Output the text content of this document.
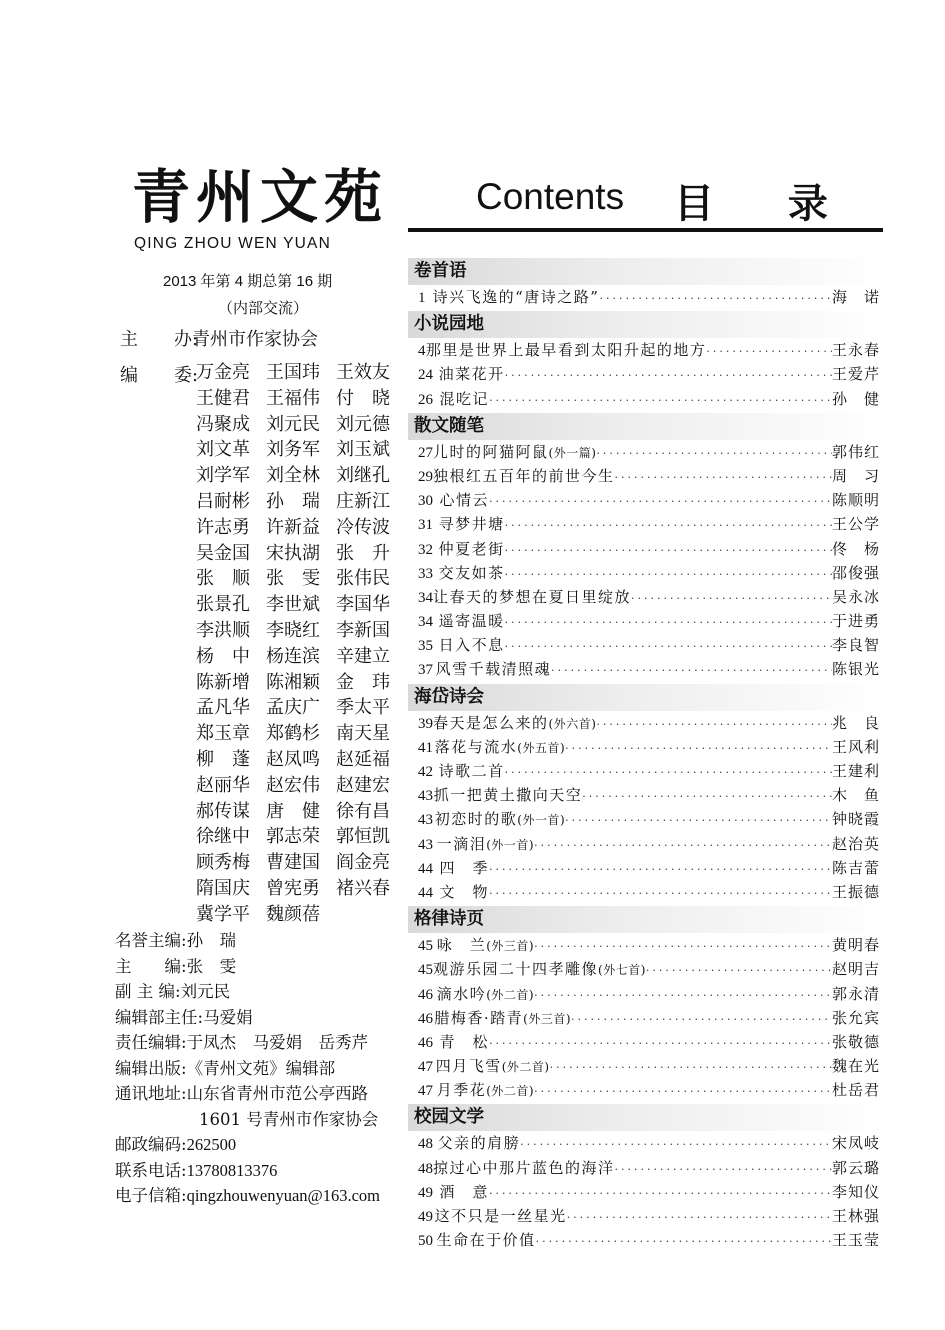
青州文苑
QING ZHOU WEN YUAN
2013 年第 4 期总第 16 期
（内部交流）
主　　办:青州市作家协会
编　　委:
万金亮 王国玮 王效友
王健君 王福伟 付　晓
冯聚成 刘元民 刘元德
刘文革 刘务军 刘玉斌
刘学军 刘全林 刘继孔
吕耐彬 孙　瑞 庄新江
许志勇 许新益 冷传波
吴金国 宋执湖 张　升
张　顺 张　雯 张伟民
张景孔 李世斌 李国华
李洪顺 李晓红 李新国
杨　中 杨连滨 辛建立
陈新增 陈湘颖 金　玮
孟凡华 孟庆广 季太平
郑玉章 郑鹤杉 南天星
柳　蓬 赵凤鸣 赵延福
赵丽华 赵宏伟 赵建宏
郝传谋 唐　健 徐有昌
徐继中 郭志荣 郭恒凯
顾秀梅 曹建国 阎金亮
隋国庆 曾宪勇 褚兴春
冀学平 魏颜蓓
名誉主编:孙　瑞
主　　编:张　雯
副 主 编:刘元民
编辑部主任:马爱娟
责任编辑:于凤杰　马爱娟　岳秀芹
编辑出版:《青州文苑》编辑部
通讯地址:山东省青州市范公亭西路
1601 号青州市作家协会
邮政编码:262500
联系电话:13780813376
电子信箱:qingzhouwenyuan@163.com
Contents 目 录
卷首语
1 诗兴飞逸的“唐诗之路” ·····	海　诺
小说园地
4 那里是世界上最早看到太阳升起的地方 ·····	王永春
24 油菜花开 ·····	王爱芹
26 混吃记 ·····	孙　健
散文随笔
27 儿时的阿猫阿鼠 (外一篇) ·····	郭伟红
29 独根红五百年的前世今生 ·····	周　习
30 心情云 ·····	陈顺明
31 寻梦井塘 ·····	王公学
32 仲夏老街 ·····	佟　杨
33 交友如茶 ·····	邵俊强
34 让春天的梦想在夏日里绽放 ·····	吴永冰
34 遥寄温暖 ·····	于进勇
35 日入不息 ·····	李良智
37 风雪千载清照魂 ·····	陈银光
海岱诗会
39 春天是怎么来的 (外六首) ·····	兆　良
41 落花与流水 (外五首) ·····	王风利
42 诗歌二首 ·····	王建利
43 抓一把黄土撒向天空 ·····	木　鱼
43 初恋时的歌 (外一首) ·····	钟晓霞
43 一滴泪 (外一首) ·····	赵治英
44 四　季 ·····	陈吉蕾
44 文　物 ·····	王振德
格律诗页
45 咏　兰 (外三首) ·····	黄明春
45 观游乐园二十四孝雕像 (外七首) ·····	赵明吉
46 滴水吟 (外二首) ·····	郭永清
46 腊梅香·踏青 (外三首) ·····	张允宾
46 青　松 ·····	张敬德
47 四月飞雪 (外二首) ·····	魏在光
47 月季花 (外二首) ·····	杜岳君
校园文学
48 父亲的肩膀 ·····	宋凤岐
48 掠过心中那片蓝色的海洋 ·····	郭云璐
49 酒　意 ·····	李知仪
49 这不只是一丝星光 ·····	王林强
50 生命在于价值 ·····	王玉莹
